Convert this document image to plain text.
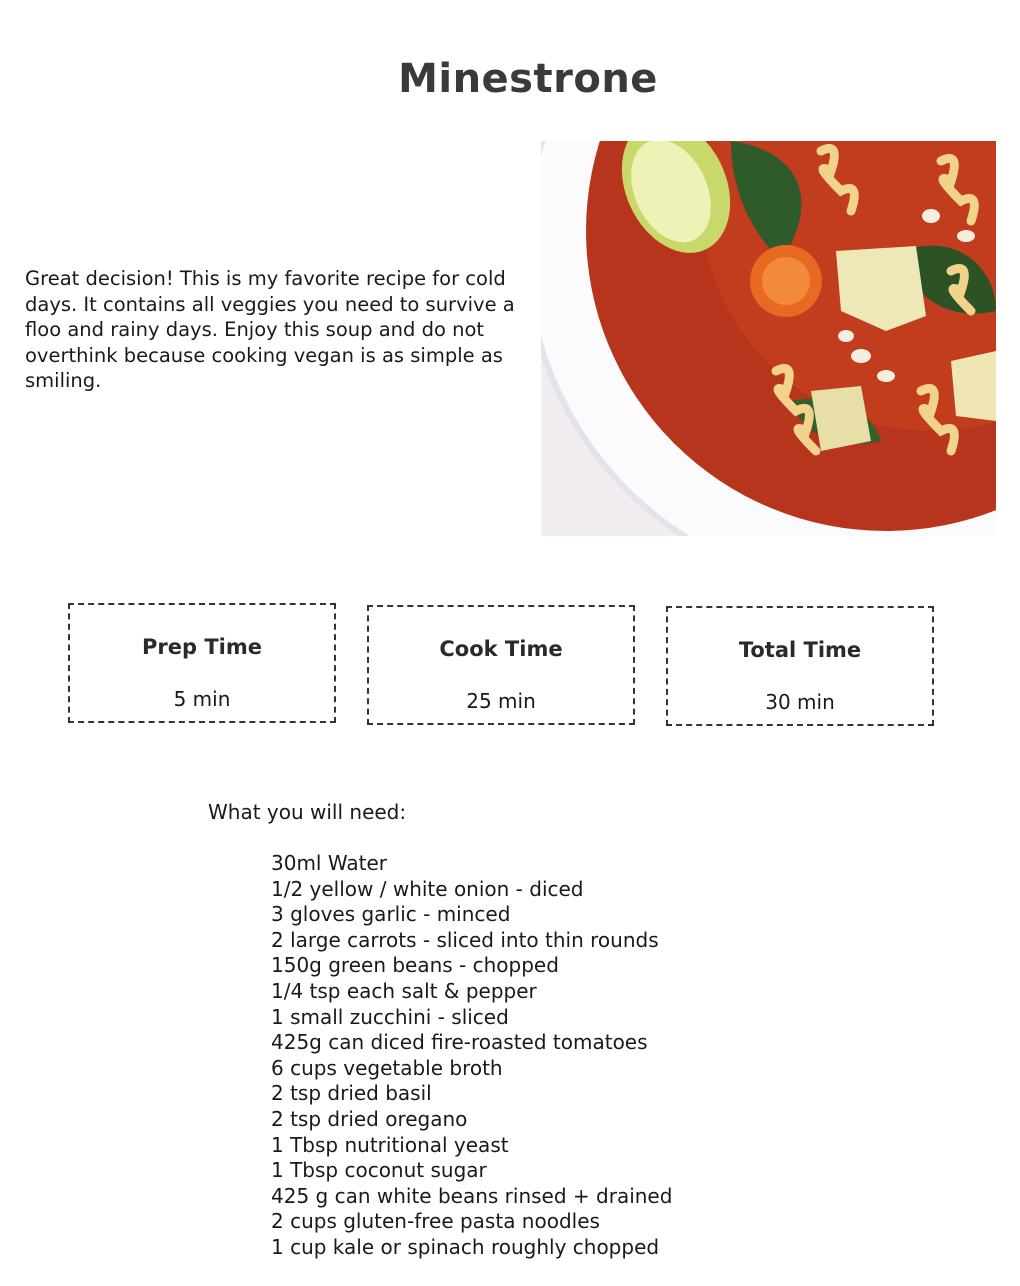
Minestrone

Great decision! This is my favorite recipe for cold days. It contains all veggies you need to survive a floo and rainy days. Enjoy this soup and do not overthink because cooking vegan is as simple as smiling.

Prep Time
5 min
Cook Time
25 min
Total Time
30 min

What you will need:

30ml Water
1/2 yellow / white onion - diced
3 gloves garlic - minced
2 large carrots - sliced into thin rounds
150g green beans - chopped
1/4 tsp each salt & pepper
1 small zucchini - sliced
425g can diced fire-roasted tomatoes
6 cups vegetable broth
2 tsp dried basil
2 tsp dried oregano
1 Tbsp nutritional yeast
1 Tbsp coconut sugar
425 g can white beans rinsed + drained
2 cups gluten-free pasta noodles
1 cup kale or spinach roughly chopped
